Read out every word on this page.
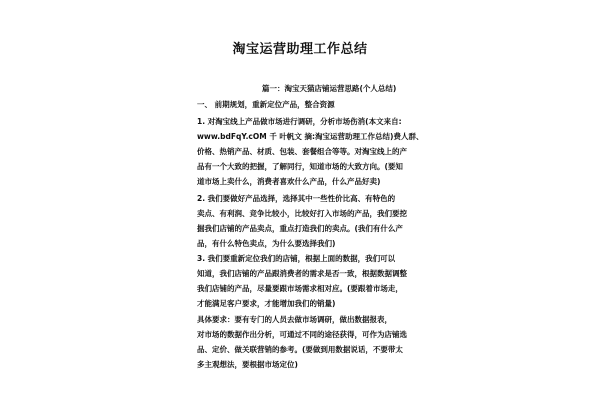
淘宝运营助理工作总结
篇一：淘宝天猫店铺运营思路(个人总结)
一、 前期规划，重新定位产品，整合资源
1. 对淘宝线上产品做市场进行调研，分析市场伤消(本文来自:
www.bdFqY.cOM 千 叶帆文 摘:淘宝运营助理工作总结)费人群、
价格、热销产品、材质、包装、套餐组合等等。对淘宝线上的产
品有一个大致的把握，了解同行，知道市场的大致方向。(要知
道市场上卖什么，消费者喜欢什么产品，什么产品好卖)
2. 我们要做好产品选择，选择其中一些性价比高、有特色的
卖点、有利润、竞争比较小，比较好打入市场的产品，我们要挖
掘我们店铺的产品卖点，重点打造我们的卖点。(我们有什么产
品，有什么特色卖点，为什么要选择我们)
3. 我们要重新定位我们的店铺，根据上面的数据，我们可以
知道，我们店铺的产品跟消费者的需求是否一致，根据数据调整
我们店铺的产品，尽量要跟市场需求相对应。(要跟着市场走，
才能满足客户要求，才能增加我们的销量)
具体要求：要有专门的人员去做市场调研，做出数据报表，
对市场的数据作出分析，可通过不同的途径获得，可作为店铺选
品、定价、做关联营销的参考。(要做到用数据说话，不要带太
多主观想法，要根据市场定位)
